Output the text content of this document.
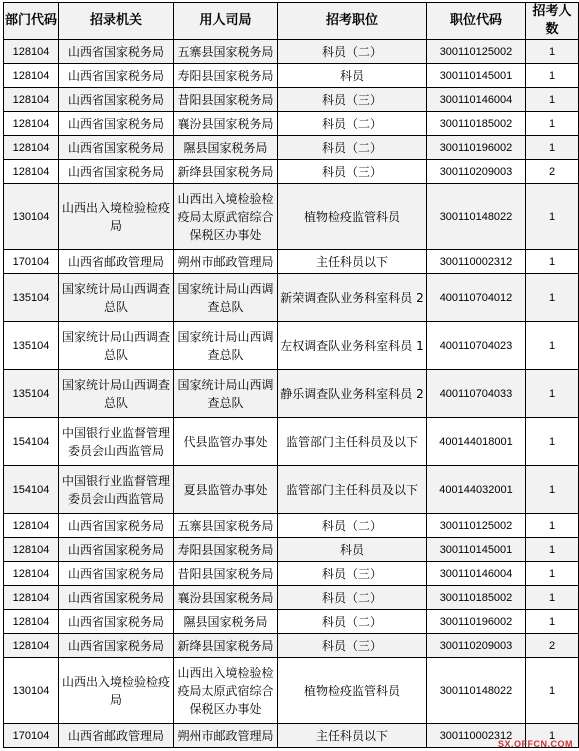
部门代码	招录机关	用人司局	招考职位	职位代码	招考人数
128104	山西省国家税务局	五寨县国家税务局	科员（二）	300110125002	1
128104	山西省国家税务局	寿阳县国家税务局	科员	300110145001	1
128104	山西省国家税务局	昔阳县国家税务局	科员（三）	300110146004	1
128104	山西省国家税务局	襄汾县国家税务局	科员（二）	300110185002	1
128104	山西省国家税务局	隰县国家税务局	科员（二）	300110196002	1
128104	山西省国家税务局	新绛县国家税务局	科员（三）	300110209003	2
130104	山西出入境检验检疫局	山西出入境检验检疫局太原武宿综合保税区办事处	植物检疫监管科员	300110148022	1
170104	山西省邮政管理局	朔州市邮政管理局	主任科员以下	300110002312	1
135104	国家统计局山西调查总队	国家统计局山西调查总队	新荣调查队业务科室科员 2	400110704012	1
135104	国家统计局山西调查总队	国家统计局山西调查总队	左权调查队业务科室科员 1	400110704023	1
135104	国家统计局山西调查总队	国家统计局山西调查总队	静乐调查队业务科室科员 2	400110704033	1
154104	中国银行业监督管理委员会山西监管局	代县监管办事处	监管部门主任科员及以下	400144018001	1
154104	中国银行业监督管理委员会山西监管局	夏县监管办事处	监管部门主任科员及以下	400144032001	1
128104	山西省国家税务局	五寨县国家税务局	科员（二）	300110125002	1
128104	山西省国家税务局	寿阳县国家税务局	科员	300110145001	1
128104	山西省国家税务局	昔阳县国家税务局	科员（三）	300110146004	1
128104	山西省国家税务局	襄汾县国家税务局	科员（二）	300110185002	1
128104	山西省国家税务局	隰县国家税务局	科员（二）	300110196002	1
128104	山西省国家税务局	新绛县国家税务局	科员（三）	300110209003	2
130104	山西出入境检验检疫局	山西出入境检验检疫局太原武宿综合保税区办事处	植物检疫监管科员	300110148022	1
170104	山西省邮政管理局	朔州市邮政管理局	主任科员以下	300110002312	1
SX.OFFCN.COM
